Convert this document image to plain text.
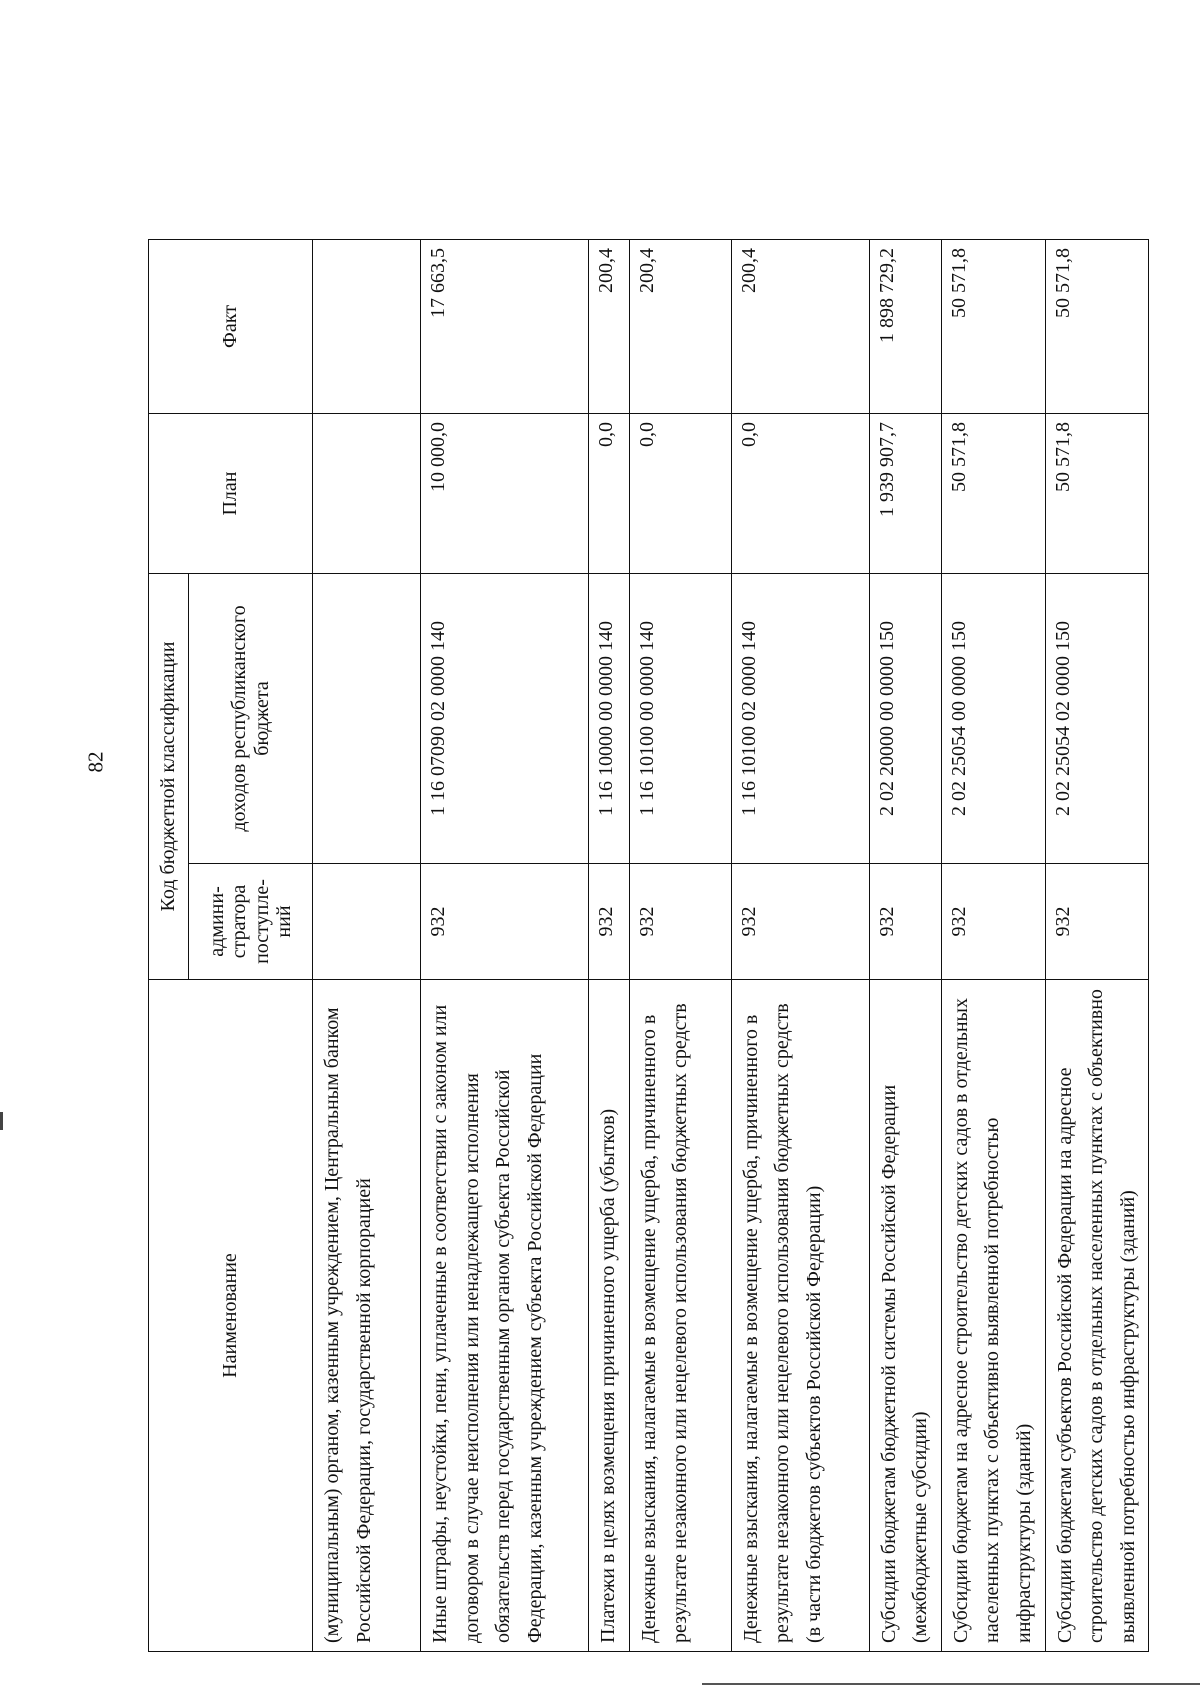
82
Наименование	Код бюджетной классификации		План	Факт
	админи-стратора поступле-ний	доходов республиканского бюджета		
(муниципальным) органом, казенным учреждением, Центральным банком Российской Федерации, государственной корпорацией				
Иные штрафы, неустойки, пени, уплаченные в соответствии с законом или договором в случае неисполнения или ненадлежащего исполнения обязательств перед государственным органом субъекта Российской Федерации, казенным учреждением субъекта Российской Федерации	932	1 16 07090 02 0000 140	10 000,0	17 663,5
Платежи в целях возмещения причиненного ущерба (убытков)	932	1 16 10000 00 0000 140	0,0	200,4
Денежные взыскания, налагаемые в возмещение ущерба, причиненного в результате незаконного или нецелевого использования бюджетных средств	932	1 16 10100 00 0000 140	0,0	200,4
Денежные взыскания, налагаемые в возмещение ущерба, причиненного в результате незаконного или нецелевого использования бюджетных средств (в части бюджетов субъектов Российской Федерации)	932	1 16 10100 02 0000 140	0,0	200,4
Субсидии бюджетам бюджетной системы Российской Федерации (межбюджетные субсидии)	932	2 02 20000 00 0000 150	1 939 907,7	1 898 729,2
Субсидии бюджетам на адресное строительство детских садов в отдельных населенных пунктах с объективно выявленной потребностью инфраструктуры (зданий)	932	2 02 25054 00 0000 150	50 571,8	50 571,8
Субсидии бюджетам субъектов Российской Федерации на адресное строительство детских садов в отдельных населенных пунктах с объективно выявленной потребностью инфраструктуры (зданий)	932	2 02 25054 02 0000 150	50 571,8	50 571,8
